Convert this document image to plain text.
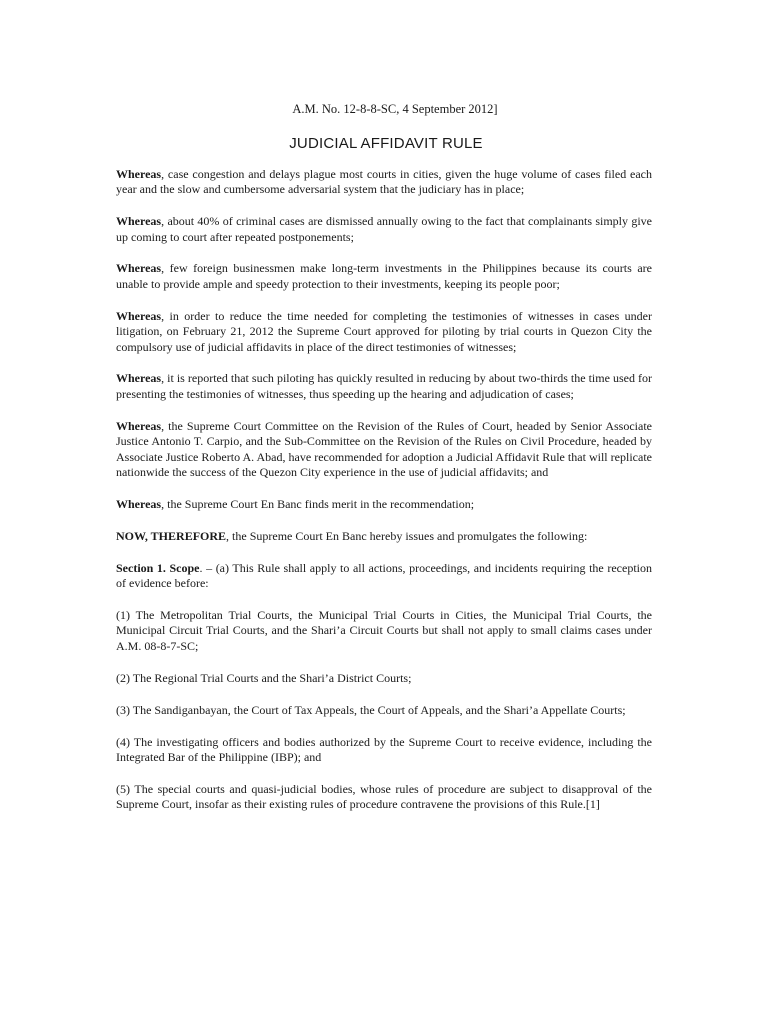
A.M. No. 12-8-8-SC, 4 September 2012]
JUDICIAL AFFIDAVIT RULE

Whereas, case congestion and delays plague most courts in cities, given the huge volume of cases filed each year and the slow and cumbersome adversarial system that the judiciary has in place;

Whereas, about 40% of criminal cases are dismissed annually owing to the fact that complainants simply give up coming to court after repeated postponements;

Whereas, few foreign businessmen make long-term investments in the Philippines because its courts are unable to provide ample and speedy protection to their investments, keeping its people poor;

Whereas, in order to reduce the time needed for completing the testimonies of witnesses in cases under litigation, on February 21, 2012 the Supreme Court approved for piloting by trial courts in Quezon City the compulsory use of judicial affidavits in place of the direct testimonies of witnesses;

Whereas, it is reported that such piloting has quickly resulted in reducing by about two-thirds the time used for presenting the testimonies of witnesses, thus speeding up the hearing and adjudication of cases;

Whereas, the Supreme Court Committee on the Revision of the Rules of Court, headed by Senior Associate Justice Antonio T. Carpio, and the Sub-Committee on the Revision of the Rules on Civil Procedure, headed by Associate Justice Roberto A. Abad, have recommended for adoption a Judicial Affidavit Rule that will replicate nationwide the success of the Quezon City experience in the use of judicial affidavits; and

Whereas, the Supreme Court En Banc finds merit in the recommendation;

NOW, THEREFORE, the Supreme Court En Banc hereby issues and promulgates the following:

Section 1. Scope. – (a) This Rule shall apply to all actions, proceedings, and incidents requiring the reception of evidence before:

(1) The Metropolitan Trial Courts, the Municipal Trial Courts in Cities, the Municipal Trial Courts, the Municipal Circuit Trial Courts, and the Shari’a Circuit Courts but shall not apply to small claims cases under A.M. 08-8-7-SC;

(2) The Regional Trial Courts and the Shari’a District Courts;

(3) The Sandiganbayan, the Court of Tax Appeals, the Court of Appeals, and the Shari’a Appellate Courts;

(4) The investigating officers and bodies authorized by the Supreme Court to receive evidence, including the Integrated Bar of the Philippine (IBP); and

(5) The special courts and quasi-judicial bodies, whose rules of procedure are subject to disapproval of the Supreme Court, insofar as their existing rules of procedure contravene the provisions of this Rule.[1]
